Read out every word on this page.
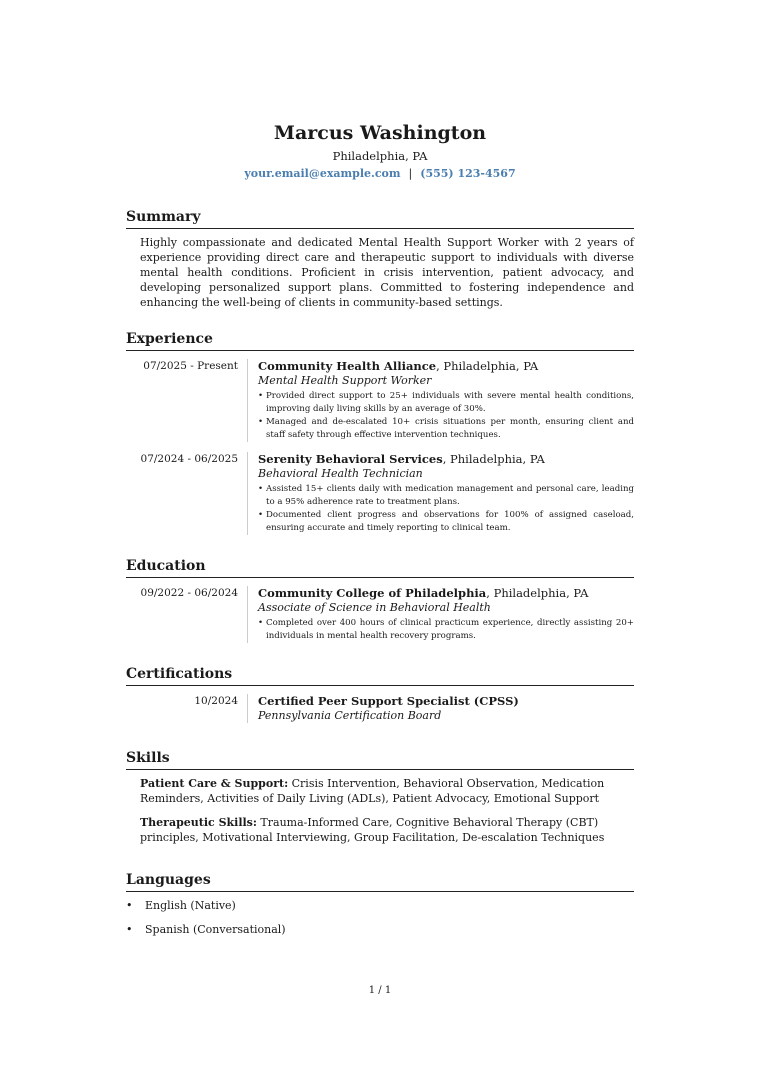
Marcus Washington
Philadelphia, PA
your.email@example.com | (555) 123-4567
Summary
Highly compassionate and dedicated Mental Health Support Worker with 2 years of experience providing direct care and therapeutic support to individuals with diverse mental health conditions. Proficient in crisis intervention, patient advocacy, and developing personalized support plans. Committed to fostering independence and enhancing the well-being of clients in community-based settings.
Experience
07/2025 - Present	Community Health Alliance, Philadelphia, PA
Mental Health Support Worker
• Provided direct support to 25+ individuals with severe mental health conditions, improving daily living skills by an average of 30%.
• Managed and de-escalated 10+ crisis situations per month, ensuring client and staff safety through effective intervention techniques.
07/2024 - 06/2025	Serenity Behavioral Services, Philadelphia, PA
Behavioral Health Technician
• Assisted 15+ clients daily with medication management and personal care, leading to a 95% adherence rate to treatment plans.
• Documented client progress and observations for 100% of assigned caseload, ensuring accurate and timely reporting to clinical team.
Education
09/2022 - 06/2024	Community College of Philadelphia, Philadelphia, PA
Associate of Science in Behavioral Health
• Completed over 400 hours of clinical practicum experience, directly assisting 20+ individuals in mental health recovery programs.
Certifications
10/2024	Certified Peer Support Specialist (CPSS)
Pennsylvania Certification Board
Skills
Patient Care & Support: Crisis Intervention, Behavioral Observation, Medication Reminders, Activities of Daily Living (ADLs), Patient Advocacy, Emotional Support
Therapeutic Skills: Trauma-Informed Care, Cognitive Behavioral Therapy (CBT) principles, Motivational Interviewing, Group Facilitation, De-escalation Techniques
Languages
• English (Native)
• Spanish (Conversational)
1 / 1
